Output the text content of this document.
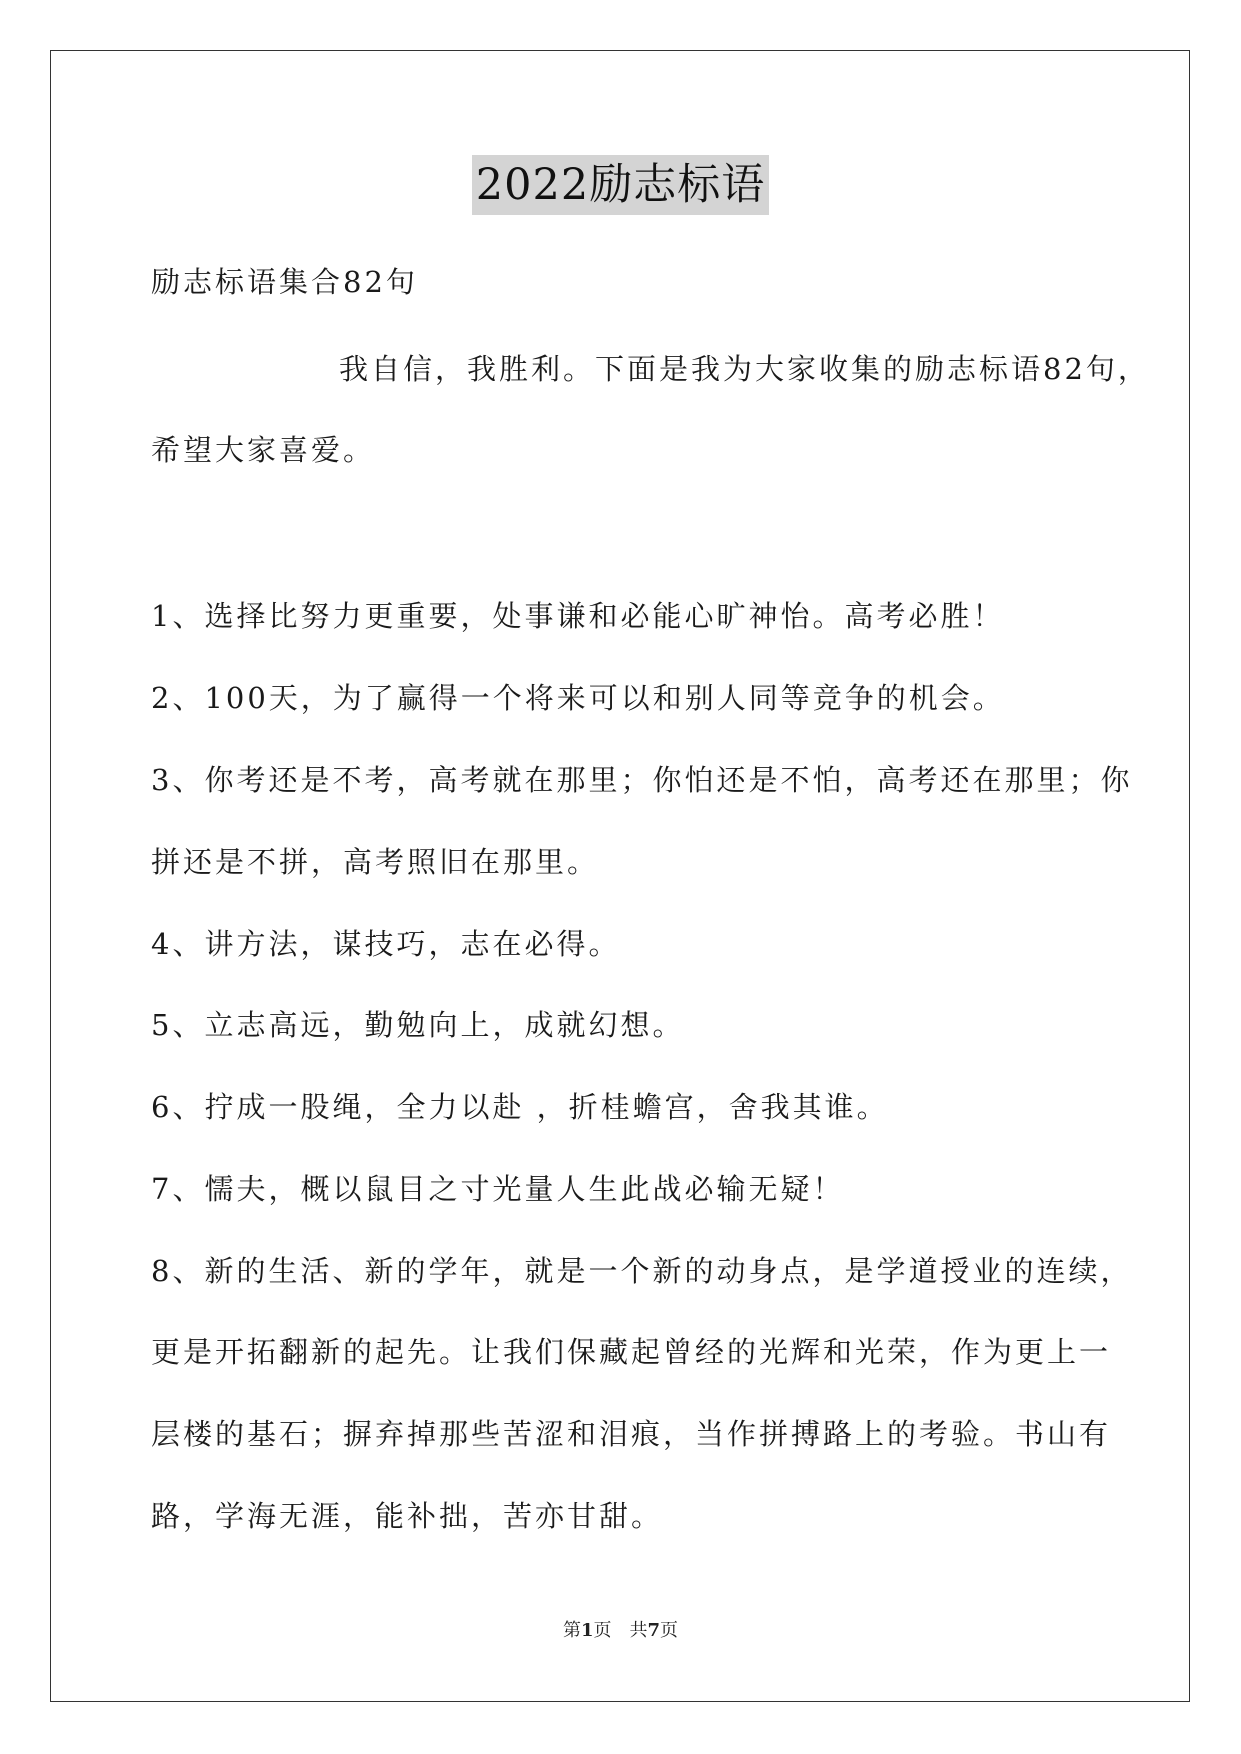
2022励志标语
励志标语集合82句
我自信，我胜利。下面是我为大家收集的励志标语82句，
希望大家喜爱。
1、选择比努力更重要，处事谦和必能心旷神怡。高考必胜！
2、100天，为了赢得一个将来可以和别人同等竞争的机会。
3、你考还是不考，高考就在那里；你怕还是不怕，高考还在那里；你
拼还是不拼，高考照旧在那里。
4、讲方法，谋技巧，志在必得。
5、立志高远，勤勉向上，成就幻想。
6、拧成一股绳，全力以赴 ，折桂蟾宫，舍我其谁。
7、懦夫，概以鼠目之寸光量人生此战必输无疑！
8、新的生活、新的学年，就是一个新的动身点，是学道授业的连续，
更是开拓翻新的起先。让我们保藏起曾经的光辉和光荣，作为更上一
层楼的基石；摒弃掉那些苦涩和泪痕，当作拼搏路上的考验。书山有
路，学海无涯，能补拙，苦亦甘甜。
第1页　共7页
